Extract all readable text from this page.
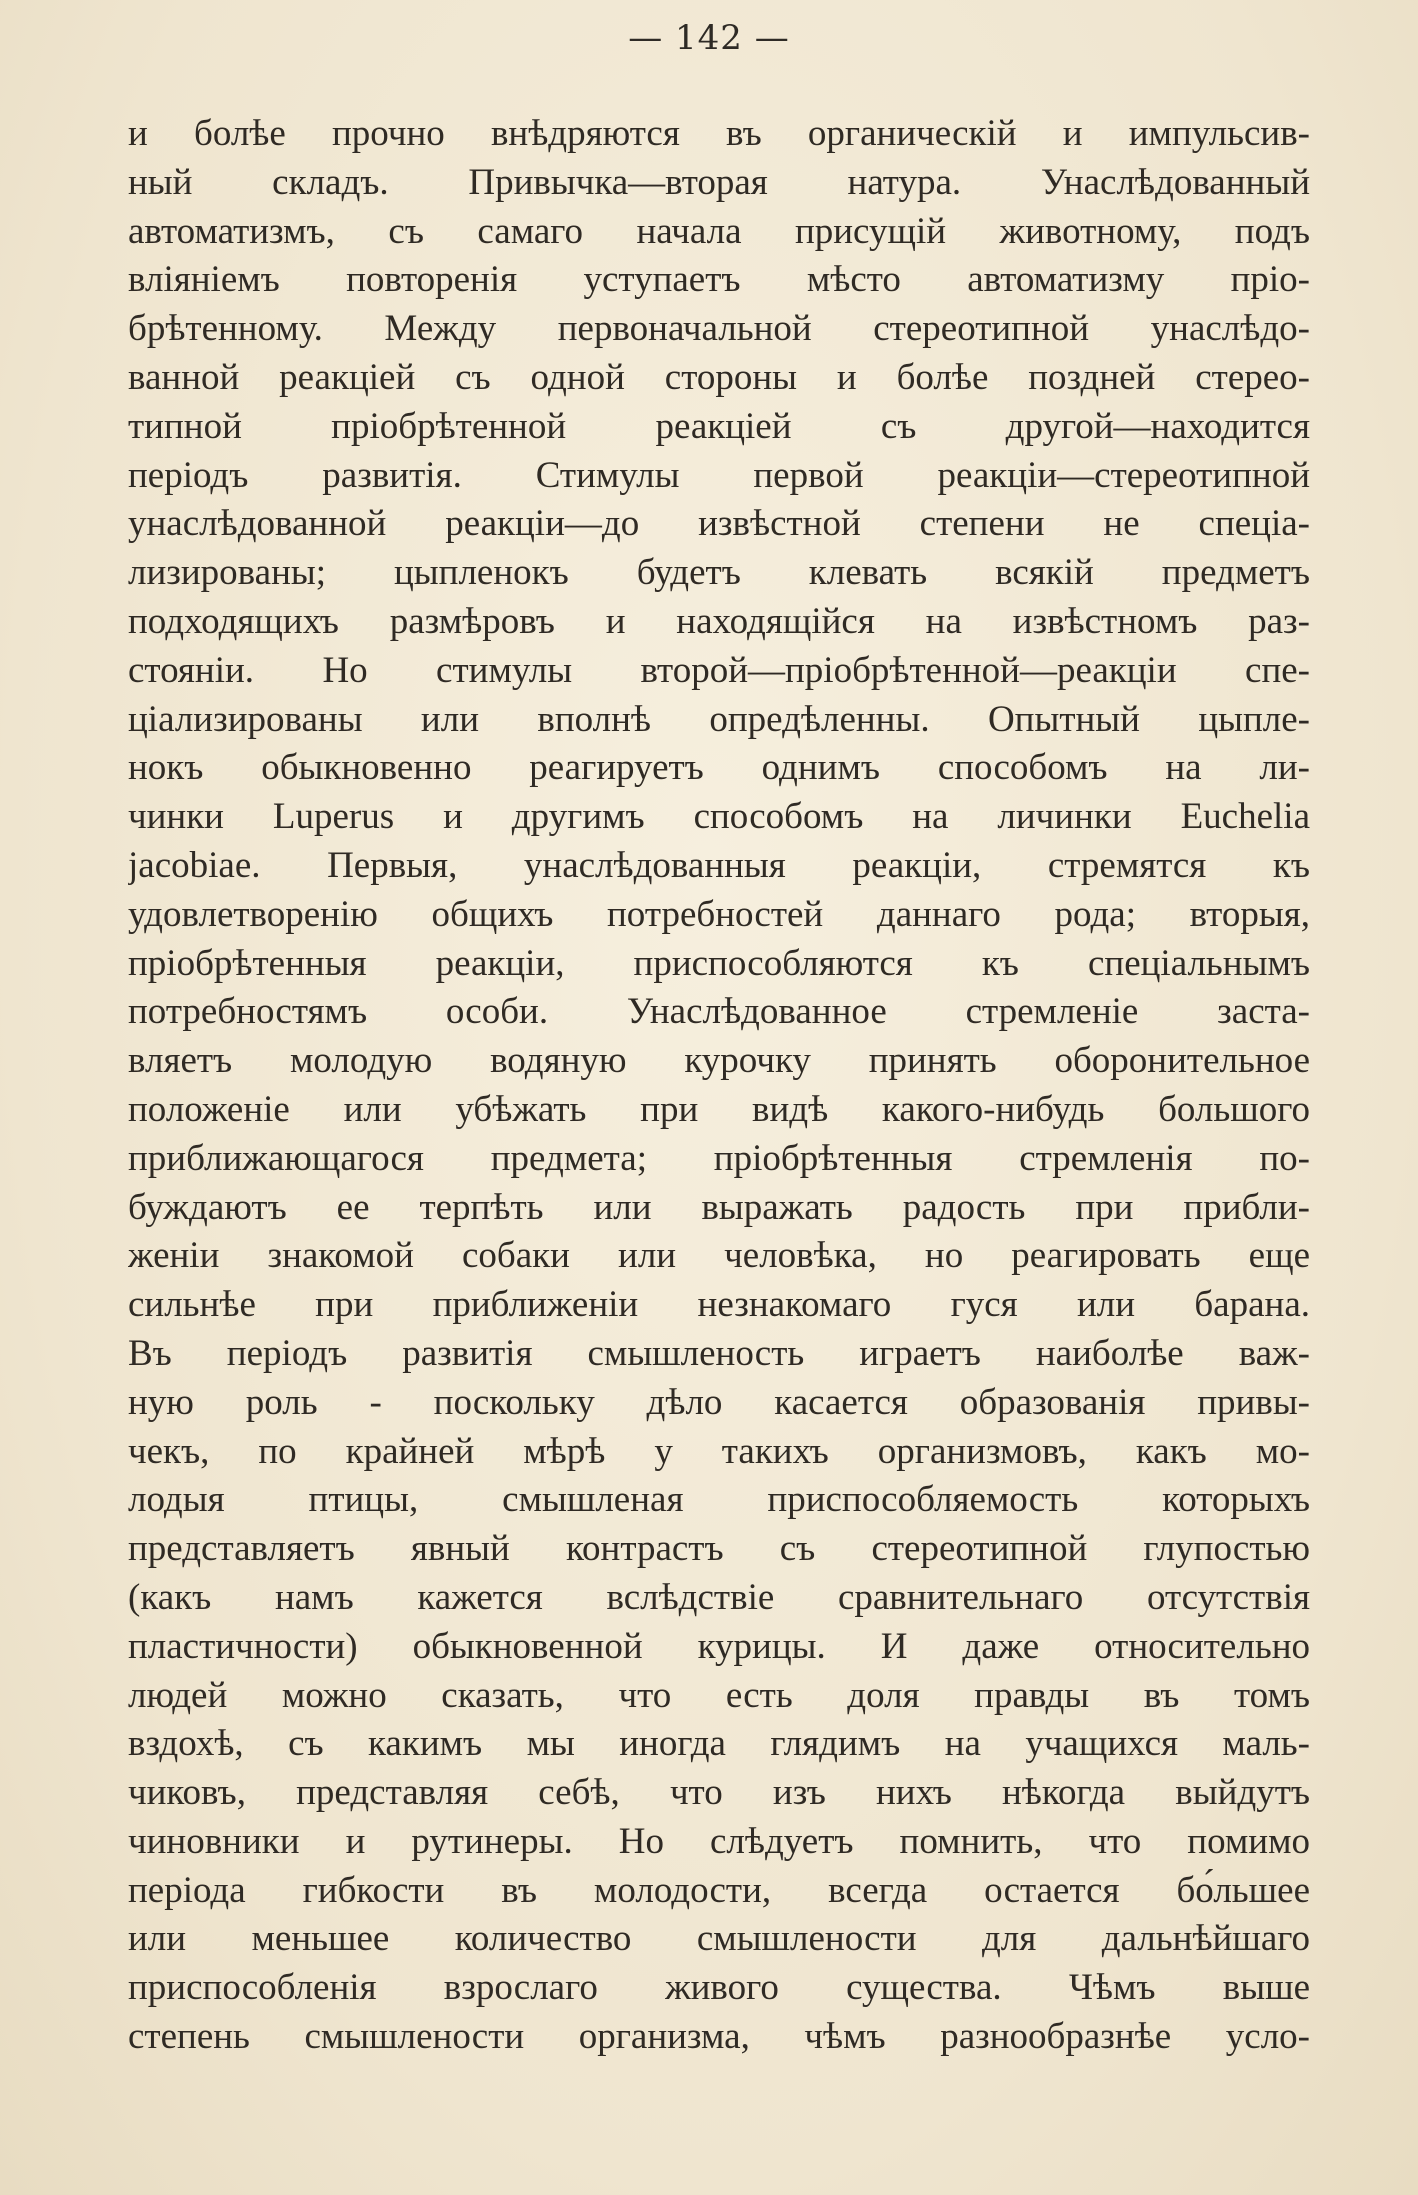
— 142 —
и болѣе прочно внѣдряются въ органическій и импульсив-
ный складъ. Привычка—вторая натура. Унаслѣдованный
автоматизмъ, съ самаго начала присущій животному, подъ
вліяніемъ повторенія уступаетъ мѣсто автоматизму пріо-
брѣтенному. Между первоначальной стереотипной унаслѣдо-
ванной реакціей съ одной стороны и болѣе поздней стерео-
типной пріобрѣтенной реакціей съ другой—находится
періодъ развитія. Стимулы первой реакціи—стереотипной
унаслѣдованной реакціи—до извѣстной степени не спеціа-
лизированы; цыпленокъ будетъ клевать всякій предметъ
подходящихъ размѣровъ и находящійся на извѣстномъ раз-
стояніи. Но стимулы второй—пріобрѣтенной—реакціи спе-
ціализированы или вполнѣ опредѣленны. Опытный цыпле-
нокъ обыкновенно реагируетъ однимъ способомъ на ли-
чинки Luperus и другимъ способомъ на личинки Euchelia
jacobiae. Первыя, унаслѣдованныя реакціи, стремятся къ
удовлетворенію общихъ потребностей даннаго рода; вторыя,
пріобрѣтенныя реакціи, приспособляются къ спеціальнымъ
потребностямъ особи. Унаслѣдованное стремленіе заста-
вляетъ молодую водяную курочку принять оборонительное
положеніе или убѣжать при видѣ какого-нибудь большого
приближающагося предмета; пріобрѣтенныя стремленія по-
буждаютъ ее терпѣть или выражать радость при прибли-
женіи знакомой собаки или человѣка, но реагировать еще
сильнѣе при приближеніи незнакомаго гуся или барана.
Въ періодъ развитія смышленость играетъ наиболѣе важ-
ную роль - поскольку дѣло касается образованія привы-
чекъ, по крайней мѣрѣ у такихъ организмовъ, какъ мо-
лодыя птицы, смышленая приспособляемость которыхъ
представляетъ явный контрастъ съ стереотипной глупостью
(какъ намъ кажется вслѣдствіе сравнительнаго отсутствія
пластичности) обыкновенной курицы. И даже относительно
людей можно сказать, что есть доля правды въ томъ
вздохѣ, съ какимъ мы иногда глядимъ на учащихся маль-
чиковъ, представляя себѣ, что изъ нихъ нѣкогда выйдутъ
чиновники и рутинеры. Но слѣдуетъ помнить, что помимо
періода гибкости въ молодости, всегда остается бо́льшее
или меньшее количество смышлености для дальнѣйшаго
приспособленія взрослаго живого существа. Чѣмъ выше
степень смышлености организма, чѣмъ разнообразнѣе усло-
